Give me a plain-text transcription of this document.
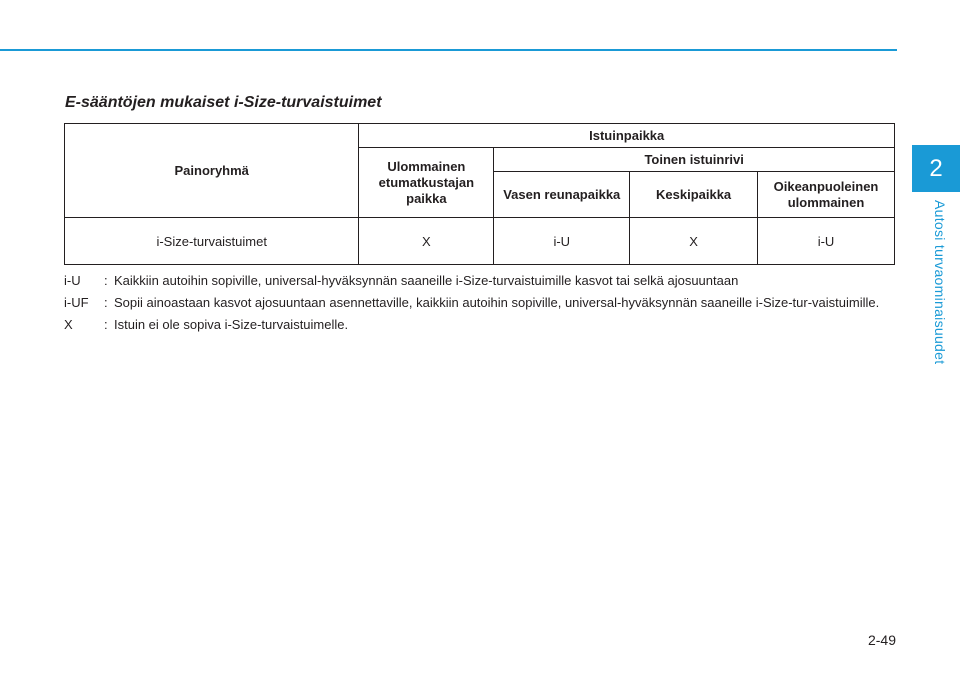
2
Autosi turvaominaisuudet
E-sääntöjen mukaiset i-Size-turvaistuimet
Painoryhmä	Istuinpaikka			
	Ulommainen etumatkustajan paikka	Toinen istuinrivi		
		Vasen reunapaikka	Keskipaikka	Oikeanpuoleinen ulommainen
i-Size-turvaistuimet	X	i-U	X	i-U
i-U	: Kaikkiin autoihin sopiville, universal-hyväksynnän saaneille i-Size-turvaistuimille kasvot tai selkä ajosuuntaan
i-UF	: Sopii ainoastaan kasvot ajosuuntaan asennettaville, kaikkiin autoihin sopiville, universal-hyväksynnän saaneille i-Size-tur-vaistuimille.
X	: Istuin ei ole sopiva i-Size-turvaistuimelle.
2-49
